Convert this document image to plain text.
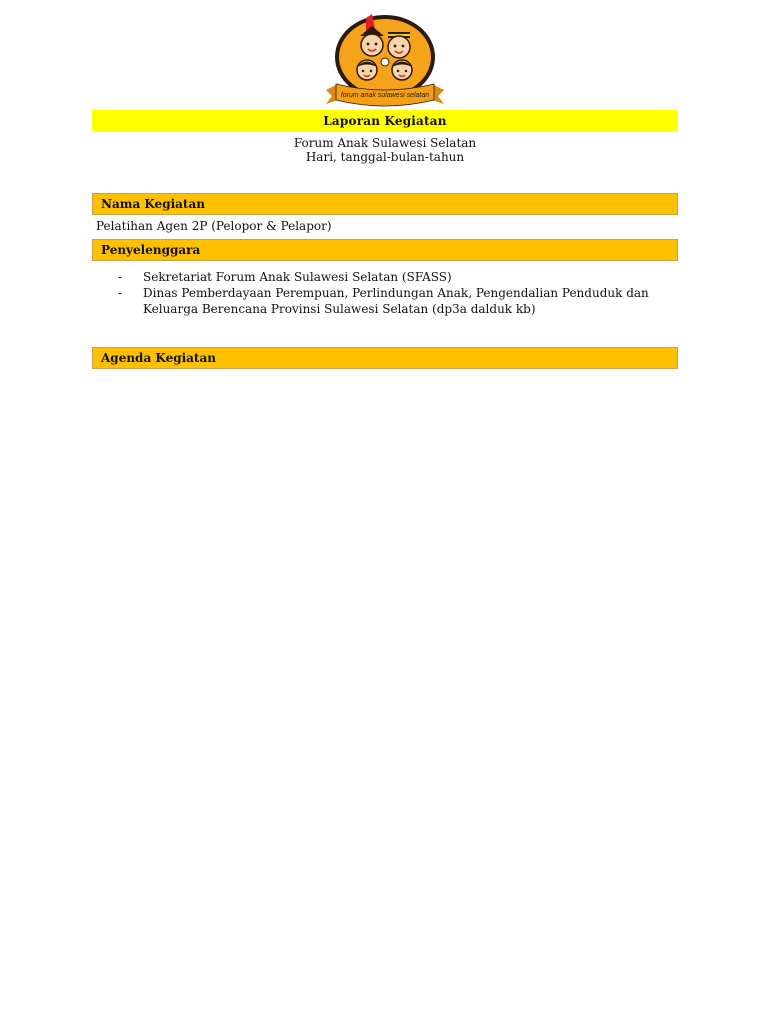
forum anak sulawesi selatan
Laporan Kegiatan
Forum Anak Sulawesi Selatan
Hari, tanggal-bulan-tahun
Nama Kegiatan
Pelatihan Agen 2P (Pelopor & Pelapor)
Penyelenggara
- Sekretariat Forum Anak Sulawesi Selatan (SFASS)
- Dinas Pemberdayaan Perempuan, Perlindungan Anak, Pengendalian Penduduk dan Keluarga Berencana Provinsi Sulawesi Selatan (dp3a dalduk kb)
Agenda Kegiatan
